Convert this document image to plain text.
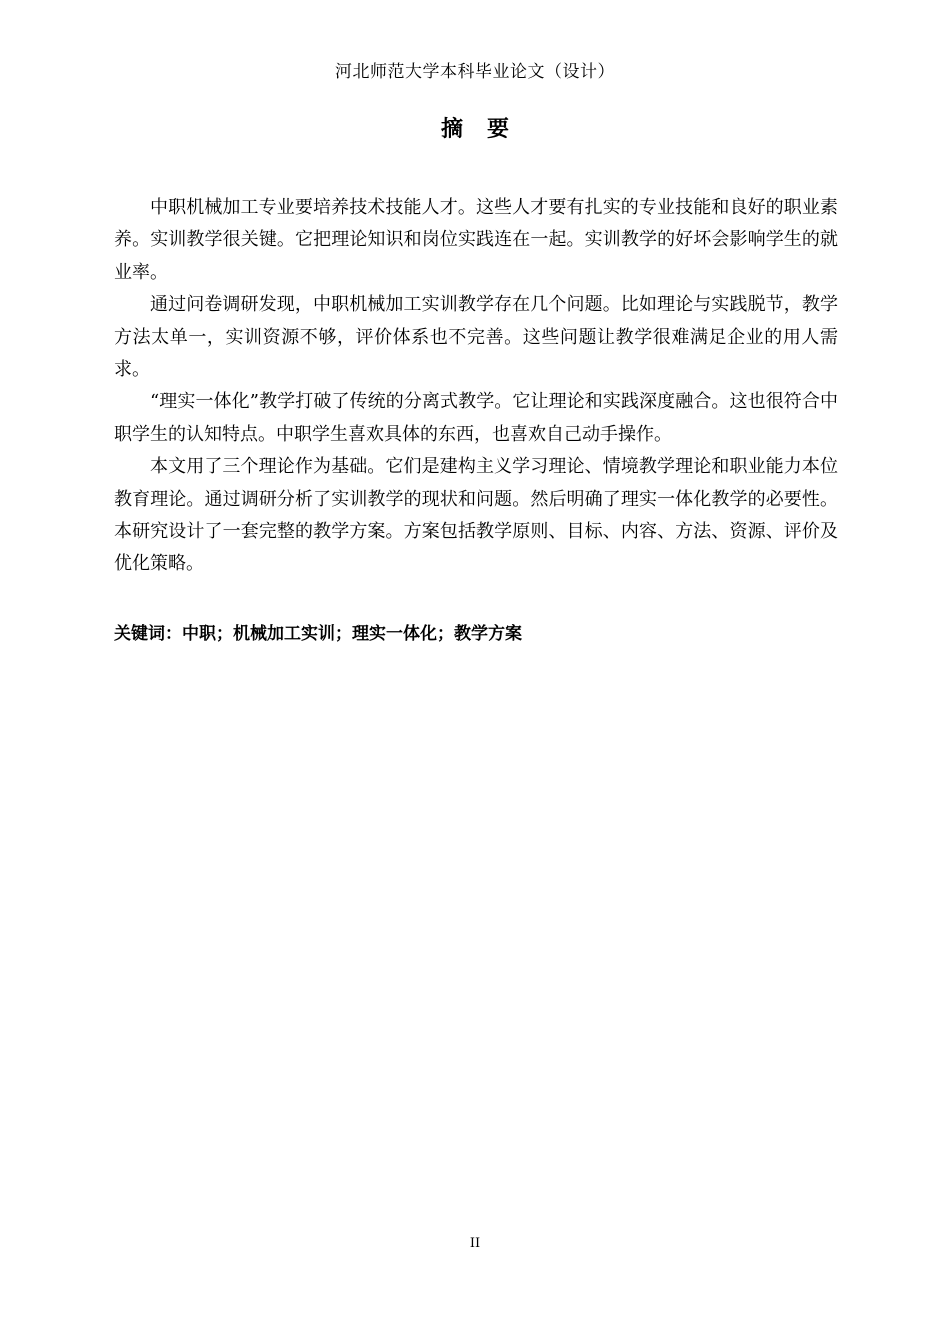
河北师范大学本科毕业论文（设计）
摘要

中职机械加工专业要培养技术技能人才。这些人才要有扎实的专业技能和良好的职业素养。实训教学很关键。它把理论知识和岗位实践连在一起。实训教学的好坏会影响学生的就业率。

通过问卷调研发现，中职机械加工实训教学存在几个问题。比如理论与实践脱节，教学方法太单一，实训资源不够，评价体系也不完善。这些问题让教学很难满足企业的用人需求。

“理实一体化”教学打破了传统的分离式教学。它让理论和实践深度融合。这也很符合中职学生的认知特点。中职学生喜欢具体的东西，也喜欢自己动手操作。

本文用了三个理论作为基础。它们是建构主义学习理论、情境教学理论和职业能力本位教育理论。通过调研分析了实训教学的现状和问题。然后明确了理实一体化教学的必要性。本研究设计了一套完整的教学方案。方案包括教学原则、目标、内容、方法、资源、评价及优化策略。

关键词：中职；机械加工实训；理实一体化；教学方案
II
